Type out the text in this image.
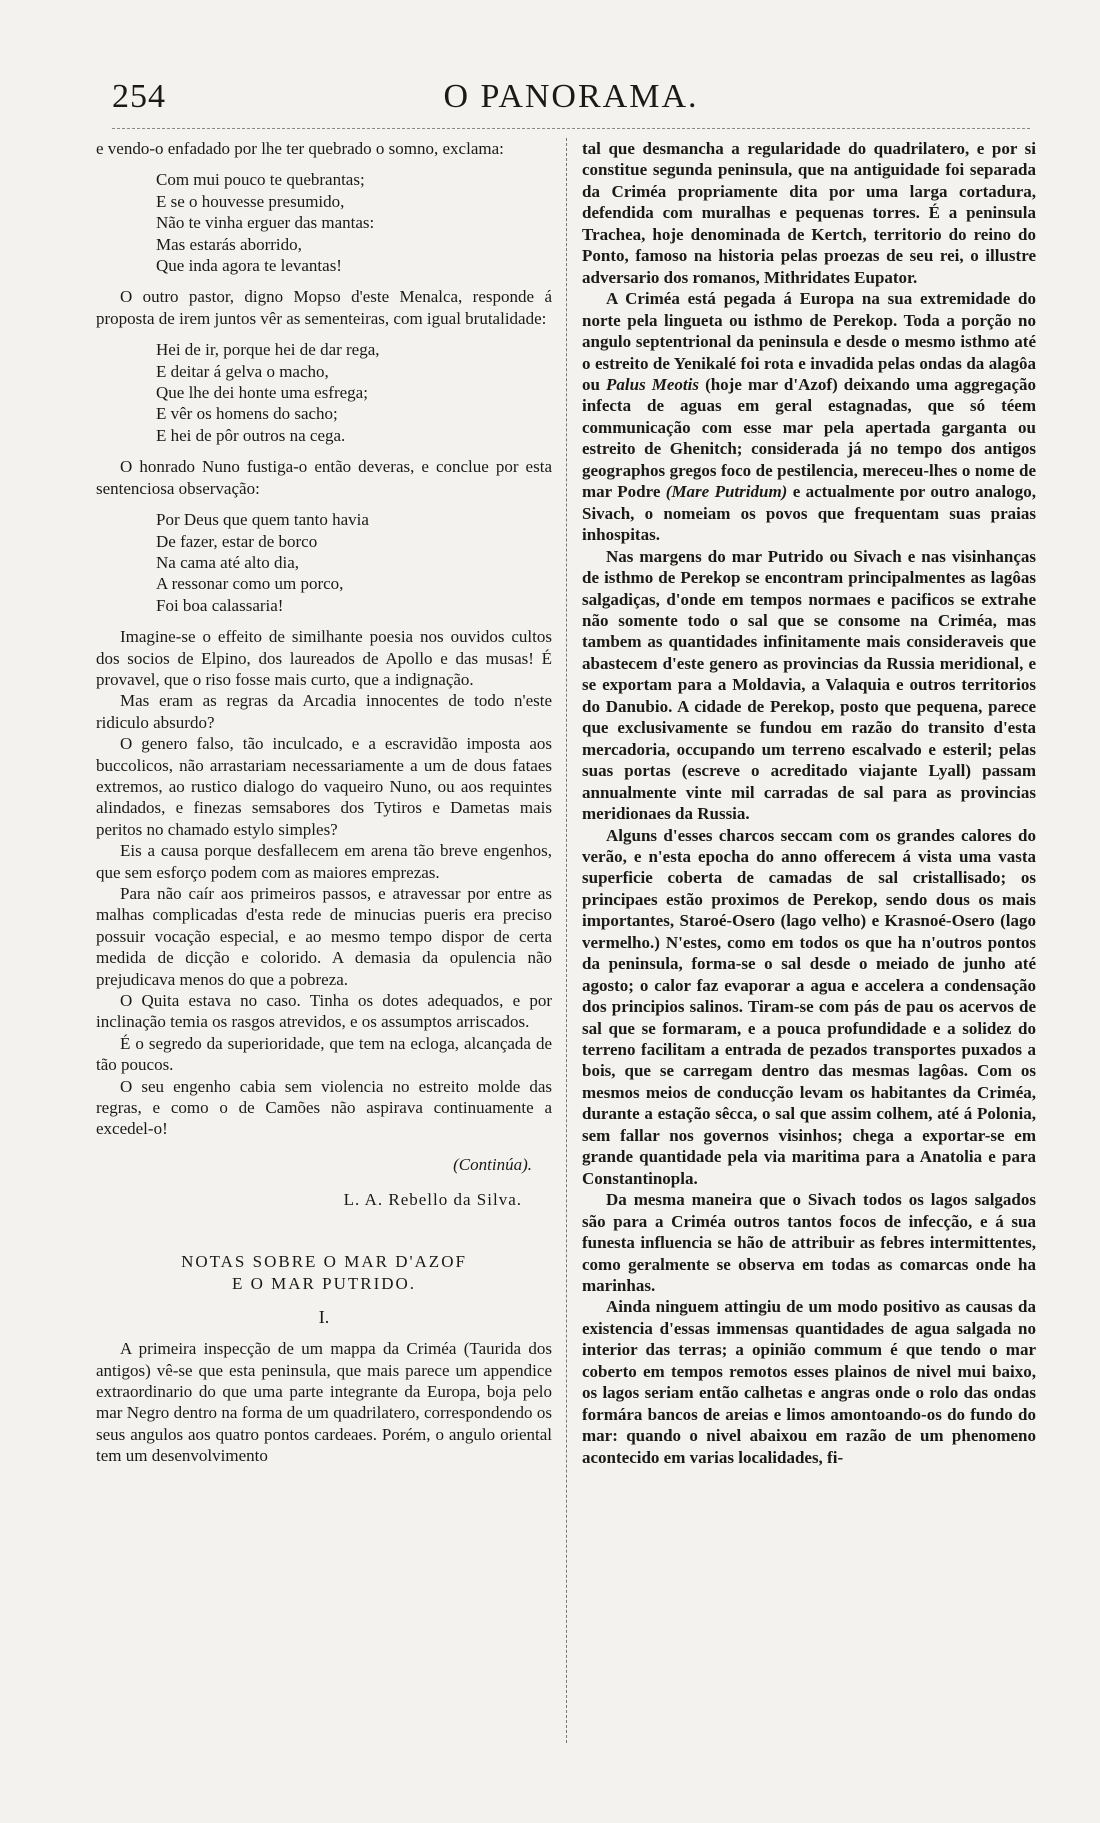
254	O PANORAMA.

e vendo-o enfadado por lhe ter quebrado o somno, exclama:

Com mui pouco te quebrantas;
E se o houvesse presumido,
Não te vinha erguer das mantas:
Mas estarás aborrido,
Que inda agora te levantas!

O outro pastor, digno Mopso d'este Menalca, responde á proposta de irem juntos vêr as sementeiras, com igual brutalidade:

Hei de ir, porque hei de dar rega,
E deitar á gelva o macho,
Que lhe dei honte uma esfrega;
E vêr os homens do sacho;
E hei de pôr outros na cega.

O honrado Nuno fustiga-o então deveras, e conclue por esta sentenciosa observação:

Por Deus que quem tanto havia
De fazer, estar de borco
Na cama até alto dia,
A ressonar como um porco,
Foi boa calassaria!

Imagine-se o effeito de similhante poesia nos ouvidos cultos dos socios de Elpino, dos laureados de Apollo e das musas! É provavel, que o riso fosse mais curto, que a indignação.

Mas eram as regras da Arcadia innocentes de todo n'este ridiculo absurdo?

O genero falso, tão inculcado, e a escravidão imposta aos buccolicos, não arrastariam necessariamente a um de dous fataes extremos, ao rustico dialogo do vaqueiro Nuno, ou aos requintes alindados, e finezas semsabores dos Tytiros e Dametas mais peritos no chamado estylo simples?

Eis a causa porque desfallecem em arena tão breve engenhos, que sem esforço podem com as maiores emprezas.

Para não caír aos primeiros passos, e atravessar por entre as malhas complicadas d'esta rede de minucias pueris era preciso possuir vocação especial, e ao mesmo tempo dispor de certa medida de dicção e colorido. A demasia da opulencia não prejudicava menos do que a pobreza.

O Quita estava no caso. Tinha os dotes adequados, e por inclinação temia os rasgos atrevidos, e os assumptos arriscados.

É o segredo da superioridade, que tem na ecloga, alcançada de tão poucos.

O seu engenho cabia sem violencia no estreito molde das regras, e como o de Camões não aspirava continuamente a excedel-o!

(Continúa).

L. A. Rebello da Silva.

NOTAS SOBRE O MAR D'AZOF
E O MAR PUTRIDO.
I.

A primeira inspecção de um mappa da Criméa (Taurida dos antigos) vê-se que esta peninsula, que mais parece um appendice extraordinario do que uma parte integrante da Europa, boja pelo mar Negro dentro na forma de um quadrilatero, correspondendo os seus angulos aos quatro pontos cardeaes. Porém, o angulo oriental tem um desenvolvimento

tal que desmancha a regularidade do quadrilatero, e por si constitue segunda peninsula, que na antiguidade foi separada da Criméa propriamente dita por uma larga cortadura, defendida com muralhas e pequenas torres. É a peninsula Trachea, hoje denominada de Kertch, territorio do reino do Ponto, famoso na historia pelas proezas de seu rei, o illustre adversario dos romanos, Mithridates Eupator.

A Criméa está pegada á Europa na sua extremidade do norte pela lingueta ou isthmo de Perekop. Toda a porção no angulo septentrional da peninsula e desde o mesmo isthmo até o estreito de Yenikalé foi rota e invadida pelas ondas da alagôa ou Palus Meotis (hoje mar d'Azof) deixando uma aggregação infecta de aguas em geral estagnadas, que só téem communicação com esse mar pela apertada garganta ou estreito de Ghenitch; considerada já no tempo dos antigos geographos gregos foco de pestilencia, mereceu-lhes o nome de mar Podre (Mare Putridum) e actualmente por outro analogo, Sivach, o nomeiam os povos que frequentam suas praias inhospitas.

Nas margens do mar Putrido ou Sivach e nas visinhanças de isthmo de Perekop se encontram principalmentes as lagôas salgadiças, d'onde em tempos normaes e pacificos se extrahe não somente todo o sal que se consome na Criméa, mas tambem as quantidades infinitamente mais consideraveis que abastecem d'este genero as provincias da Russia meridional, e se exportam para a Moldavia, a Valaquia e outros territorios do Danubio. A cidade de Perekop, posto que pequena, parece que exclusivamente se fundou em razão do transito d'esta mercadoria, occupando um terreno escalvado e esteril; pelas suas portas (escreve o acreditado viajante Lyall) passam annualmente vinte mil carradas de sal para as provincias meridionaes da Russia.

Alguns d'esses charcos seccam com os grandes calores do verão, e n'esta epocha do anno offerecem á vista uma vasta superficie coberta de camadas de sal cristallisado; os principaes estão proximos de Perekop, sendo dous os mais importantes, Staroé-Osero (lago velho) e Krasnoé-Osero (lago vermelho.) N'estes, como em todos os que ha n'outros pontos da peninsula, forma-se o sal desde o meiado de junho até agosto; o calor faz evaporar a agua e accelera a condensação dos principios salinos. Tiram-se com pás de pau os acervos de sal que se formaram, e a pouca profundidade e a solidez do terreno facilitam a entrada de pezados transportes puxados a bois, que se carregam dentro das mesmas lagôas. Com os mesmos meios de conducção levam os habitantes da Criméa, durante a estação sêcca, o sal que assim colhem, até á Polonia, sem fallar nos governos visinhos; chega a exportar-se em grande quantidade pela via maritima para a Anatolia e para Constantinopla.

Da mesma maneira que o Sivach todos os lagos salgados são para a Criméa outros tantos focos de infecção, e á sua funesta influencia se hão de attribuir as febres intermittentes, como geralmente se observa em todas as comarcas onde ha marinhas.

Ainda ninguem attingiu de um modo positivo as causas da existencia d'essas immensas quantidades de agua salgada no interior das terras; a opinião commum é que tendo o mar coberto em tempos remotos esses plainos de nivel mui baixo, os lagos seriam então calhetas e angras onde o rolo das ondas formára bancos de areias e limos amontoando-os do fundo do mar: quando o nivel abaixou em razão de um phenomeno acontecido em varias localidades, fi-
